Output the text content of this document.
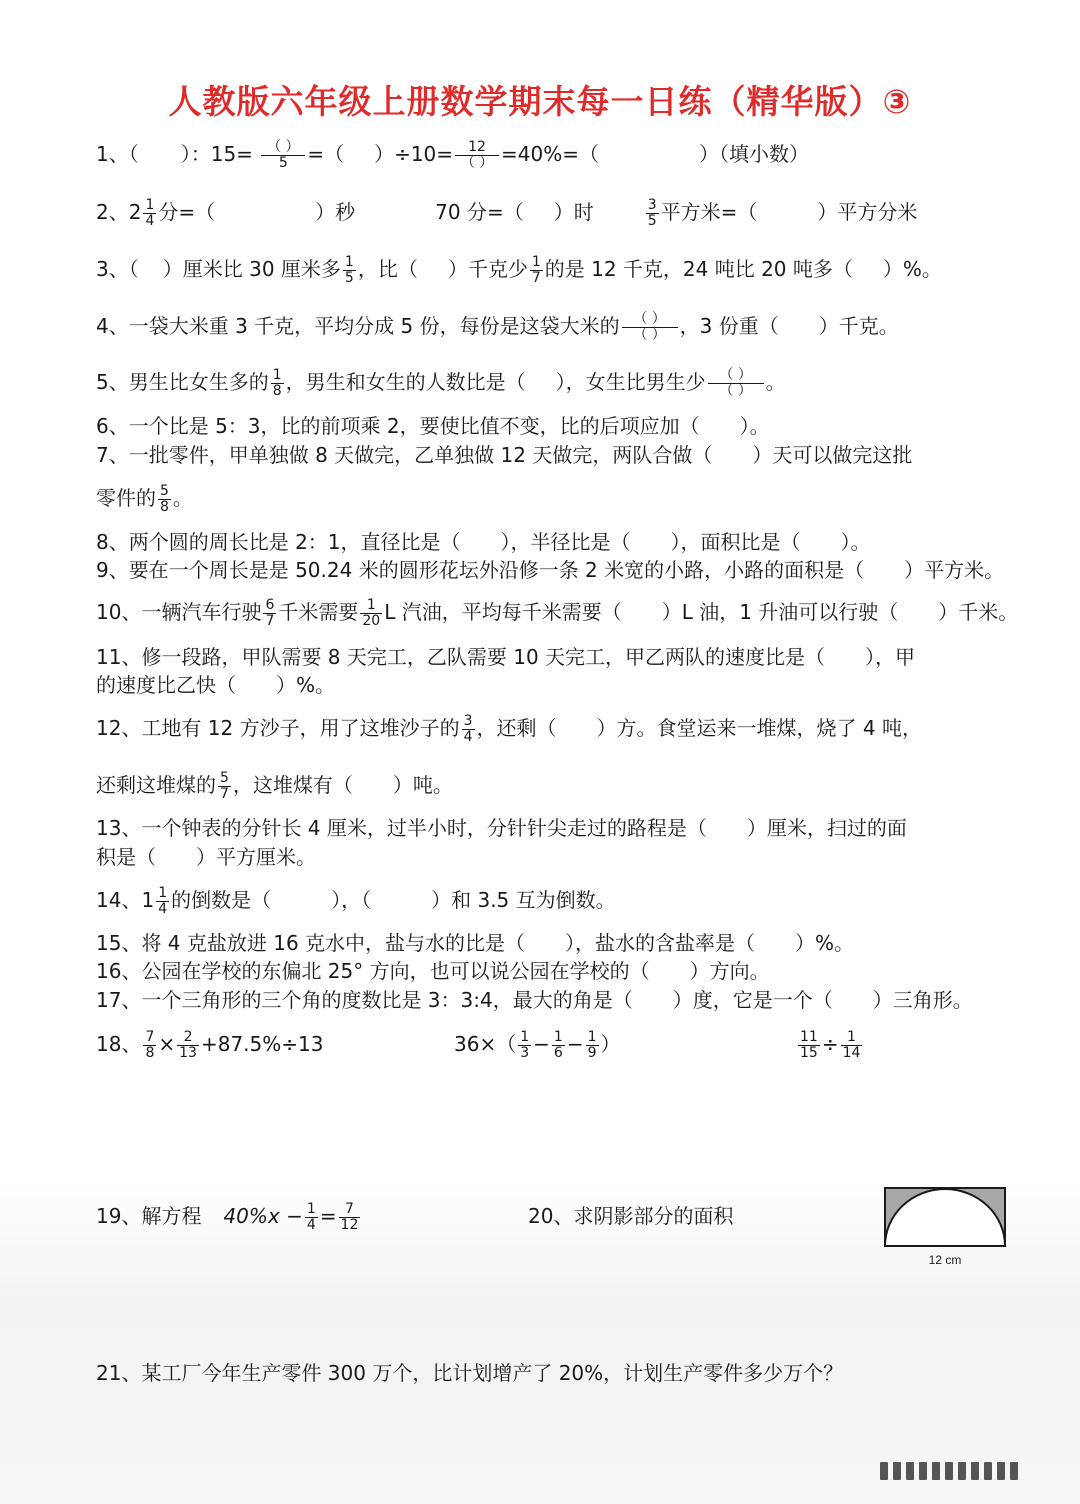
人教版六年级上册数学期末每一日练（精华版）③
1、（ ）：$15= \frac{( )}{5}$ =（ ）$\div 10= \frac{12}{( )} =40\%=$（	）（填小数）
2、$2 \frac{1}{4}$ 分=（	）秒	70 分=（ ）时	$\frac{3}{5}$ 平方米=（	）平方分米
3、（ ）厘米比 30 厘米多 $\frac{1}{5}$ ，比（ ）千克少 $\frac{1}{7}$ 的是 12 千克，24 吨比 20 吨多（ ）%。
4、一袋大米重 3 千克，平均分成 5 份，每份是这袋大米的 $\frac{( )}{( )}$ ，3 份重（ ）千克。
5、男生比女生多的 $\frac{1}{8}$ ，男生和女生的人数比是（ ），女生比男生少 $\frac{( )}{( )}$ 。
6、一个比是 5：3，比的前项乘 2，要使比值不变，比的后项应加（　　）。
7、一批零件，甲单独做 8 天做完，乙单独做 12 天做完，两队合做（　　）天可以做完这批
零件的 $\frac{5}{8}$ 。
8、两个圆的周长比是 2：1，直径比是（　　），半径比是（　　），面积比是（　　）。
9、要在一个周长是是 50.24 米的圆形花坛外沿修一条 2 米宽的小路，小路的面积是（　　）平方米。
10、一辆汽车行驶 $\frac{6}{7}$ 千米需要 $\frac{1}{20}$ L 汽油，平均每千米需要（　　）L 油，1 升油可以行驶（　　）千米。
11、修一段路，甲队需要 8 天完工，乙队需要 10 天完工，甲乙两队的速度比是（　　），甲
的速度比乙快（　　）%。
12、工地有 12 方沙子，用了这堆沙子的 $\frac{3}{4}$ ，还剩（　　）方。食堂运来一堆煤，烧了 4 吨，
还剩这堆煤的 $\frac{5}{7}$ ，这堆煤有（　　）吨。
13、一个钟表的分针长 4 厘米，过半小时，分针针尖走过的路程是（　　）厘米，扫过的面
积是（　　）平方厘米。
14、$1 \frac{1}{4}$ 的倒数是（　　　），（　　　）和 3.5 互为倒数。
15、将 4 克盐放进 16 克水中，盐与水的比是（　　），盐水的含盐率是（　　）%。
16、公园在学校的东偏北 25° 方向，也可以说公园在学校的（　　）方向。
17、一个三角形的三个角的度数比是 3：3:4，最大的角是（　　）度，它是一个（　　）三角形。
18、 $\frac{7}{8} \times \frac{2}{13} +87.5\%\div 13$	$36\times( \frac{1}{3} - \frac{1}{6} - \frac{1}{9}$ ）	$\frac{11}{15} \div \frac{1}{14}$
19、解方程 $40\%x - \frac{1}{4} = \frac{7}{12}$	20、求阴影部分的面积
12 cm
21、某工厂今年生产零件 300 万个，比计划增产了 20%，计划生产零件多少万个？
